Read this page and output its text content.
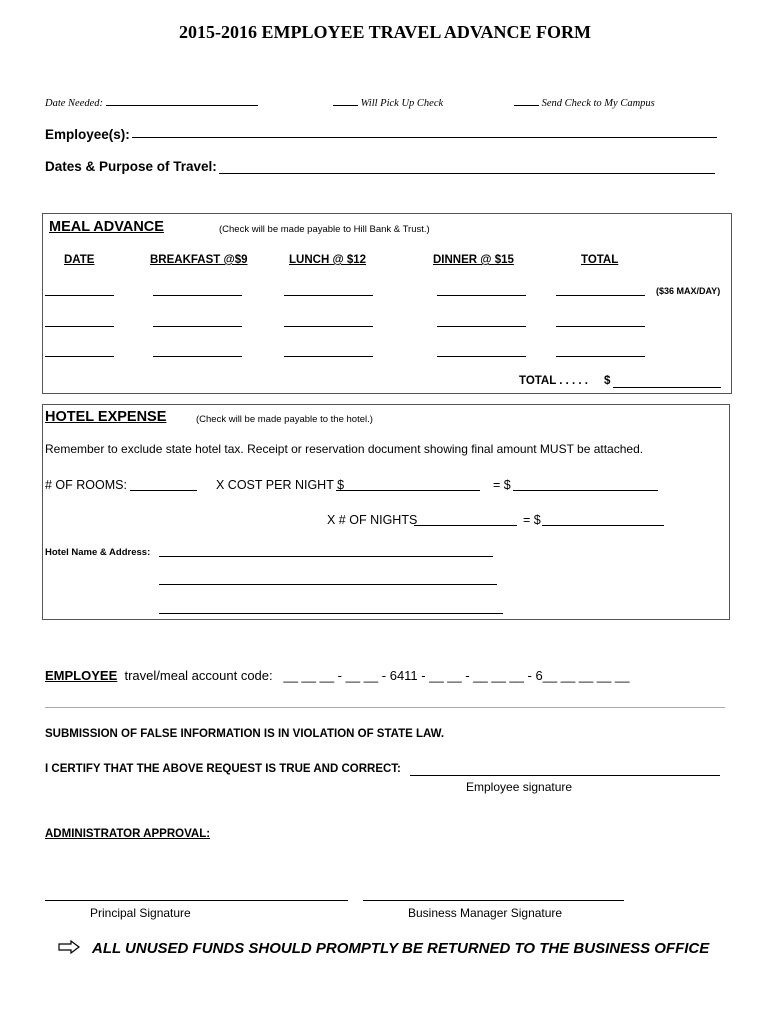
2015-2016 EMPLOYEE TRAVEL ADVANCE FORM
Date Needed:	Will Pick Up Check	Send Check to My Campus
Employee(s):
Dates & Purpose of Travel:
MEAL ADVANCE	(Check will be made payable to Hill Bank & Trust.)
DATE	BREAKFAST @$9	LUNCH @ $12	DINNER @ $15	TOTAL
($36 MAX/DAY)
TOTAL . . . . . $
HOTEL EXPENSE	(Check will be made payable to the hotel.)
Remember to exclude state hotel tax. Receipt or reservation document showing final amount MUST be attached.
# OF ROOMS:	X COST PER NIGHT $	= $
X # OF NIGHTS	= $
Hotel Name & Address:
EMPLOYEE travel/meal account code: __ __ __ - __ __ - 6411 - __ __ - __ __ __ - 6__ __ __ __ __
SUBMISSION OF FALSE INFORMATION IS IN VIOLATION OF STATE LAW.
I CERTIFY THAT THE ABOVE REQUEST IS TRUE AND CORRECT:
Employee signature
ADMINISTRATOR APPROVAL:
Principal Signature	Business Manager Signature
ALL UNUSED FUNDS SHOULD PROMPTLY BE RETURNED TO THE BUSINESS OFFICE
